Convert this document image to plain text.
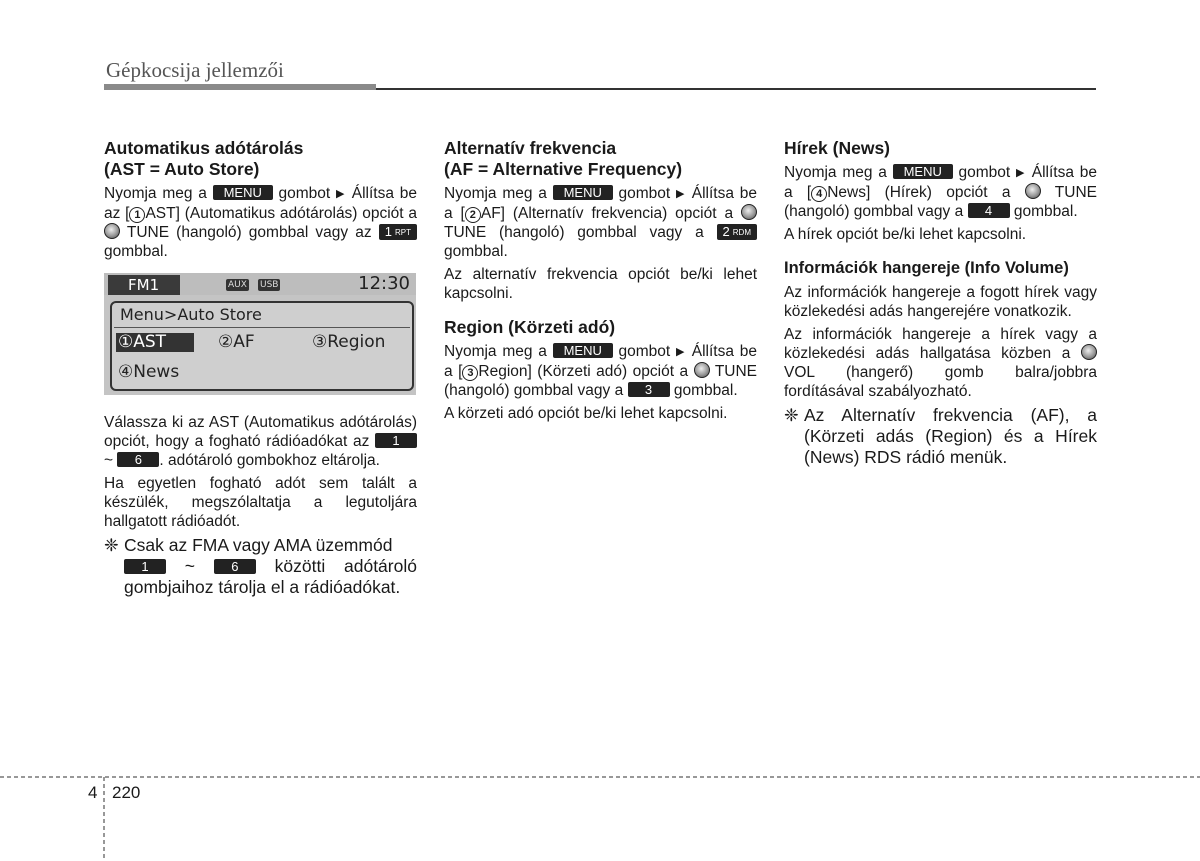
Gépkocsija jellemzői
Automatikus adótárolás
(AST = Auto Store)

Nyomja meg a MENU gombot ▶ Állítsa be az [ 1 AST] (Automatikus adótárolás) opciót a  TUNE (hangoló) gombbal vagy az 1 RPT gombbal.

FM1	AUX USB	12:30
Menu>Auto Store
①AST	②AF	③Region
④News

Válassza ki az AST (Automatikus adótárolás) opciót, hogy a fogható rádióadókat az 1 ~ 6 . adótároló gombokhoz eltárolja.

Ha egyetlen fogható adót sem talált a készülék, megszólaltatja a legutoljára hallgatott rádióadót.

❈ Csak az FMA vagy AMA üzemmód
1 ~	6 közötti adótároló gombjaihoz tárolja el a rádióadókat.
Alternatív frekvencia
(AF = Alternative Frequency)

Nyomja meg a MENU gombot ▶ Állítsa be a [ 2 AF] (Alternatív frekvencia) opciót a  TUNE (hangoló) gombbal vagy a 2 RDM gombbal.

Az alternatív frekvencia opciót be/ki lehet kapcsolni.

Region (Körzeti adó)

Nyomja meg a MENU gombot ▶ Állítsa be a [ 3 Region] (Körzeti adó) opciót a TUNE (hangoló) gombbal vagy a 3 gombbal.

A körzeti adó opciót be/ki lehet kapcsolni.

Hírek (News)

Nyomja meg a MENU gombot ▶ Állítsa be a [ 4 News] (Hírek) opciót a	TUNE (hangoló) gombbal vagy a 4 gombbal.

A hírek opciót be/ki lehet kapcsolni.

Információk hangereje (Info Volume)

Az információk hangereje a fogott hírek vagy közlekedési adás hangerejére vonatkozik.

Az információk hangereje a hírek vagy a közlekedési adás hallgatása közben a  VOL (hangerő) gomb balra/jobbra fordításával szabályozható.

❈ Az Alternatív frekvencia (AF), a (Körzeti adás (Region) és a Hírek (News) RDS rádió menük.
4 220
